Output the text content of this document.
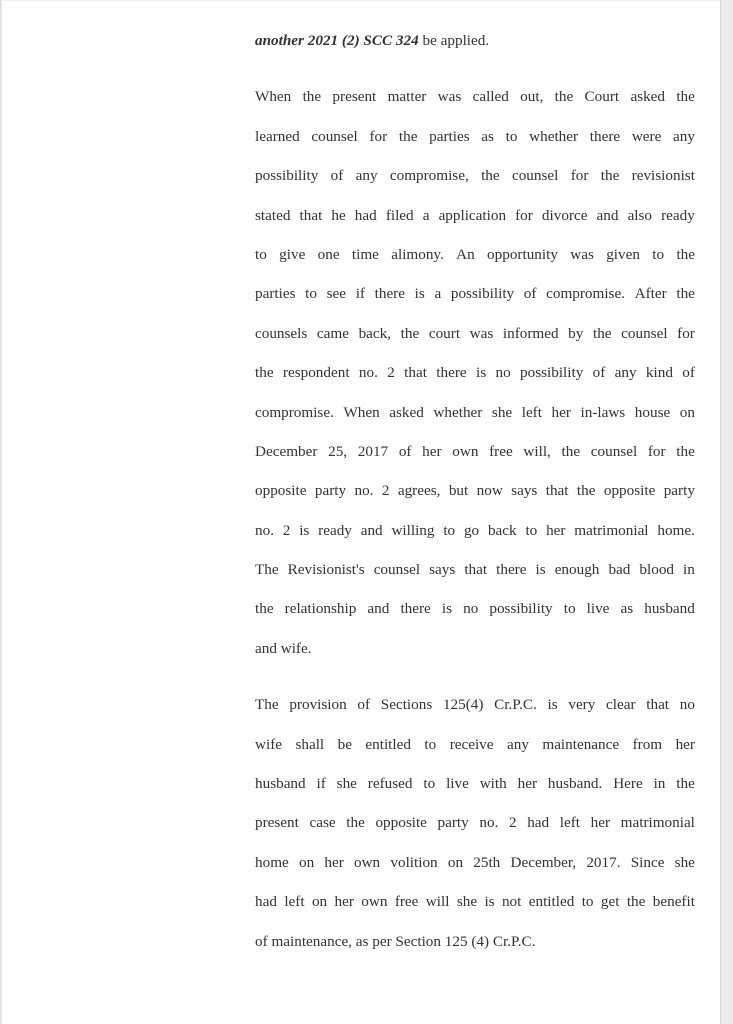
another 2021 (2) SCC 324 be applied.
When the present matter was called out, the Court asked the
learned counsel for the parties as to whether there were any
possibility of any compromise, the counsel for the revisionist
stated that he had filed a application for divorce and also ready
to give one time alimony. An opportunity was given to the
parties to see if there is a possibility of compromise. After the
counsels came back, the court was informed by the counsel for
the respondent no. 2 that there is no possibility of any kind of
compromise. When asked whether she left her in-laws house on
December 25, 2017 of her own free will, the counsel for the
opposite party no. 2 agrees, but now says that the opposite party
no. 2 is ready and willing to go back to her matrimonial home.
The Revisionist's counsel says that there is enough bad blood in
the relationship and there is no possibility to live as husband
and wife.
The provision of Sections 125(4) Cr.P.C. is very clear that no
wife shall be entitled to receive any maintenance from her
husband if she refused to live with her husband. Here in the
present case the opposite party no. 2 had left her matrimonial
home on her own volition on 25th December, 2017. Since she
had left on her own free will she is not entitled to get the benefit
of maintenance, as per Section 125 (4) Cr.P.C.
